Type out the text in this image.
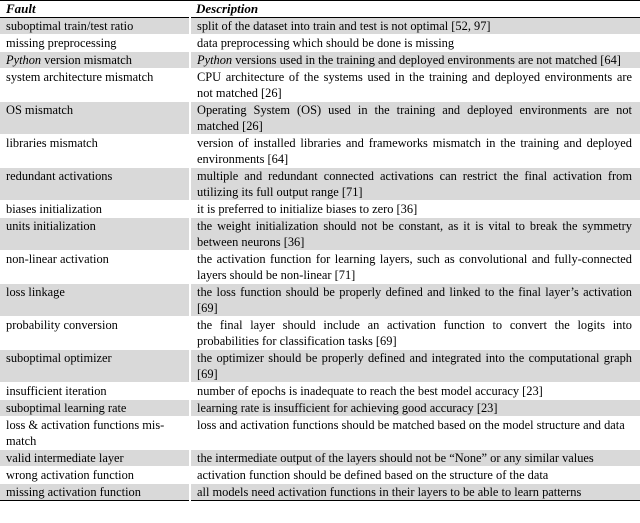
Fault	Description
suboptimal train/test ratio	split of the dataset into train and test is not optimal [52, 97]
missing preprocessing	data preprocessing which should be done is missing
Python version mismatch	Python versions used in the training and deployed environments are not matched [64]
system architecture mismatch	CPU architecture of the systems used in the training and deployed environments are not matched [26]
OS mismatch	Operating System (OS) used in the training and deployed environments are not matched [26]
libraries mismatch	version of installed libraries and frameworks mismatch in the training and deployed environments [64]
redundant activations	multiple and redundant connected activations can restrict the final activation from utilizing its full output range [71]
biases initialization	it is preferred to initialize biases to zero [36]
units initialization	the weight initialization should not be constant, as it is vital to break the symmetry between neurons [36]
non-linear activation	the activation function for learning layers, such as convolutional and fully-connected layers should be non-linear [71]
loss linkage	the loss function should be properly defined and linked to the final layer’s activation [69]
probability conversion	the final layer should include an activation function to convert the logits into probabilities for classification tasks [69]
suboptimal optimizer	the optimizer should be properly defined and integrated into the computational graph [69]
insufficient iteration	number of epochs is inadequate to reach the best model accuracy [23]
suboptimal learning rate	learning rate is insufficient for achieving good accuracy [23]
loss & activation functions mis-match	loss and activation functions should be matched based on the model structure and data
valid intermediate layer	the intermediate output of the layers should not be “None” or any similar values
wrong activation function	activation function should be defined based on the structure of the data
missing activation function	all models need activation functions in their layers to be able to learn patterns
